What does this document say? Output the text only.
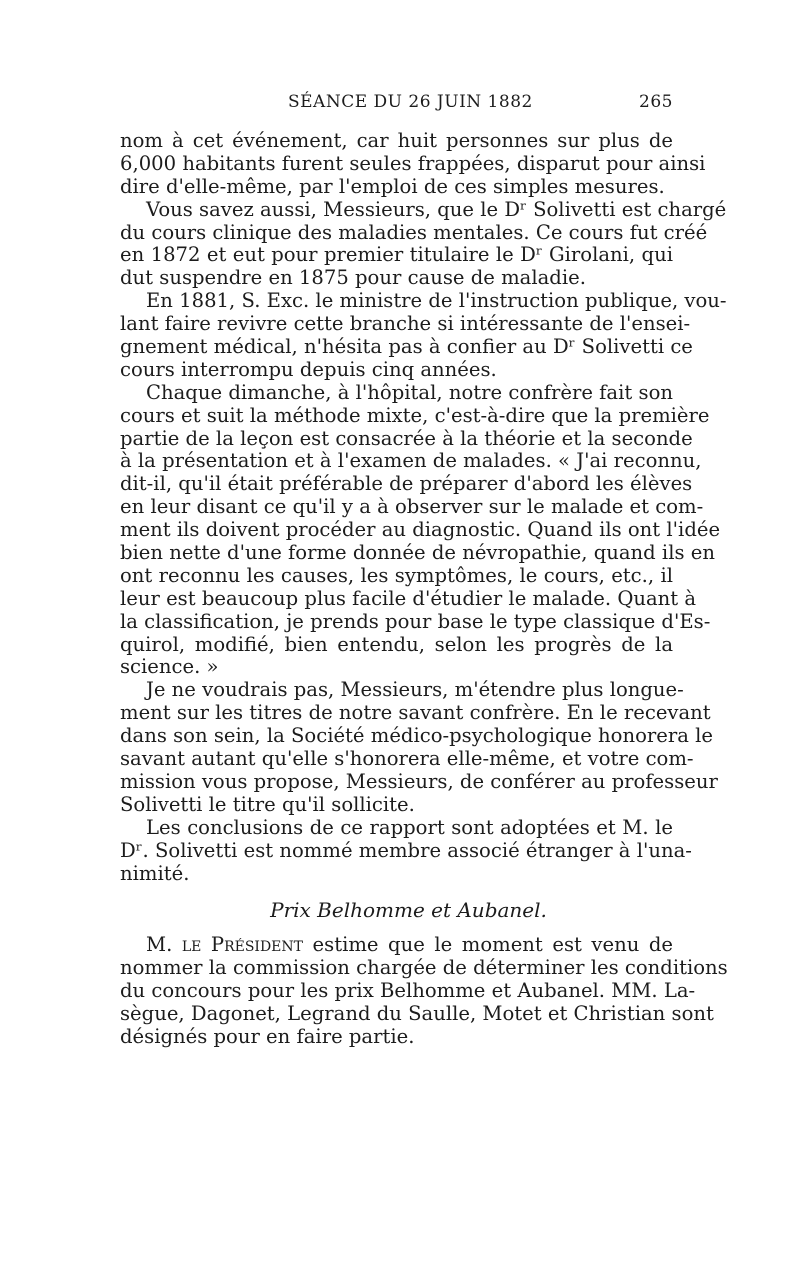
SÉANCE DU 26 JUIN 1882	265
nom à cet événement, car huit personnes sur plus de
6,000 habitants furent seules frappées, disparut pour ainsi
dire d'elle-même, par l'emploi de ces simples mesures.
Vous savez aussi, Messieurs, que le Dʳ Solivetti est chargé
du cours clinique des maladies mentales. Ce cours fut créé
en 1872 et eut pour premier titulaire le Dʳ Girolani, qui
dut suspendre en 1875 pour cause de maladie.
En 1881, S. Exc. le ministre de l'instruction publique, vou-
lant faire revivre cette branche si intéressante de l'ensei-
gnement médical, n'hésita pas à confier au Dʳ Solivetti ce
cours interrompu depuis cinq années.
Chaque dimanche, à l'hôpital, notre confrère fait son
cours et suit la méthode mixte, c'est-à-dire que la première
partie de la leçon est consacrée à la théorie et la seconde
à la présentation et à l'examen de malades. « J'ai reconnu,
dit-il, qu'il était préférable de préparer d'abord les élèves
en leur disant ce qu'il y a à observer sur le malade et com-
ment ils doivent procéder au diagnostic. Quand ils ont l'idée
bien nette d'une forme donnée de névropathie, quand ils en
ont reconnu les causes, les symptômes, le cours, etc., il
leur est beaucoup plus facile d'étudier le malade. Quant à
la classification, je prends pour base le type classique d'Es-
quirol, modifié, bien entendu, selon les progrès de la
science. »
Je ne voudrais pas, Messieurs, m'étendre plus longue-
ment sur les titres de notre savant confrère. En le recevant
dans son sein, la Société médico-psychologique honorera le
savant autant qu'elle s'honorera elle-même, et votre com-
mission vous propose, Messieurs, de conférer au professeur
Solivetti le titre qu'il sollicite.
Les conclusions de ce rapport sont adoptées et M. le
Dʳ. Solivetti est nommé membre associé étranger à l'una-
nimité.
Prix Belhomme et Aubanel.
M. le Président estime que le moment est venu de
nommer la commission chargée de déterminer les conditions
du concours pour les prix Belhomme et Aubanel. MM. La-
sègue, Dagonet, Legrand du Saulle, Motet et Christian sont
désignés pour en faire partie.
